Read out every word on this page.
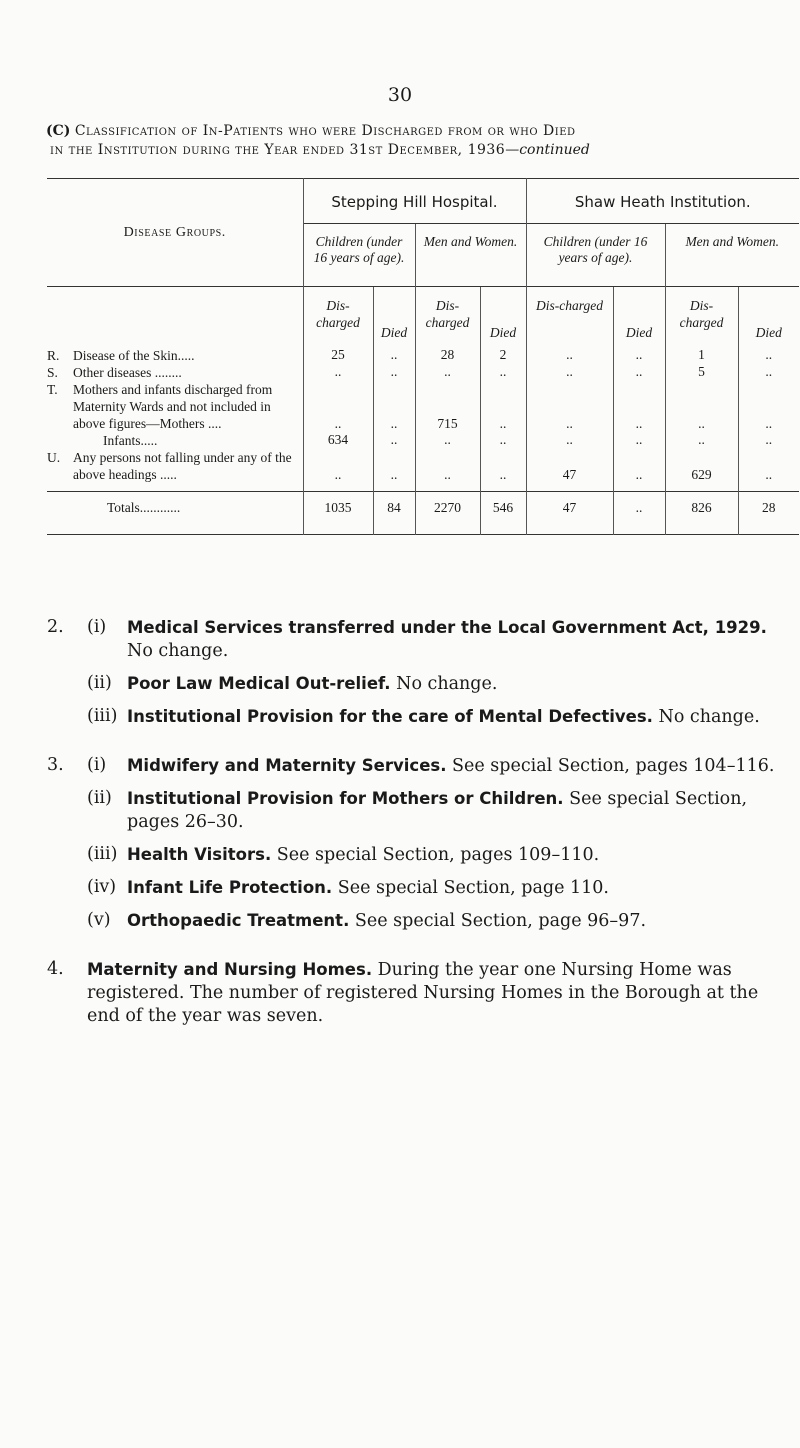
30
(C) Classification of In-Patients who were Discharged from or who Died
in the Institution during the Year ended 31st December, 1936—continued
Disease Groups.	Stepping Hill Hospital.				Shaw Heath Institution.			
	Children (under 16 years of age).		Men and Women.		Children (under 16 years of age).		Men and Women.	
	Dis-charged	Died	Dis-charged	Died	Dis-charged	Died	Dis-charged	Died

R. Disease of the Skin.....	25	..	28	2	..	..	1	..

S. Other diseases ........	..	..	..	..	..	..	5	..

T. Mothers and infants discharged from Maternity Wards and not included in above figures—Mothers ....	..	..	715	..	..	..	..	..

Infants.....	634	..	..	..	..	..	..	..

U. Any persons not falling under any of the above headings .....	..	..	..	..	47	..	629	..
Totals............	1035	84	2270	546	47	..	826	28
2. (i) Medical Services transferred under the Local Government Act, 1929. No change.
(ii) Poor Law Medical Out-relief. No change.
(iii) Institutional Provision for the care of Mental Defectives. No change.
3. (i) Midwifery and Maternity Services. See special Section, pages 104–116.
(ii) Institutional Provision for Mothers or Children. See special Section, pages 26–30.
(iii) Health Visitors. See special Section, pages 109–110.
(iv) Infant Life Protection. See special Section, page 110.
(v) Orthopaedic Treatment. See special Section, page 96–97.
4. Maternity and Nursing Homes. During the year one Nursing Home was registered. The number of registered Nursing Homes in the Borough at the end of the year was seven.
